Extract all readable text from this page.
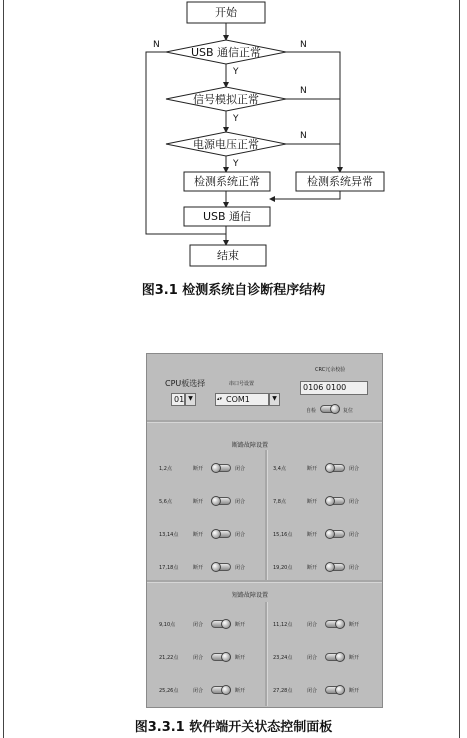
开始
USB 通信正常
信号模拟正常
电源电压正常
检测系统正常	检测系统异常
USB 通信
结束
Y
Y
Y
N	N
N
N
图3.1 检测系统自诊断程序结构
CPU板选择
01 ▼
串口号设置
COM1
▴▾	▼
CRC冗余校验
0106 0100
自检	复位
断路故障设置
短路故障设置
1,2点	断开	闭合	3,4点	断开	闭合
5,6点	断开	闭合	7,8点	断开	闭合
13,14点	断开	闭合	15,16点	断开	闭合
17,18点	断开	闭合	19,20点	断开	闭合
9,10点	闭合	断开	11,12点	闭合	断开
21,22点	闭合	断开	23,24点	闭合	断开
25,26点	闭合	断开	27,28点	闭合	断开
图3.3.1 软件端开关状态控制面板
